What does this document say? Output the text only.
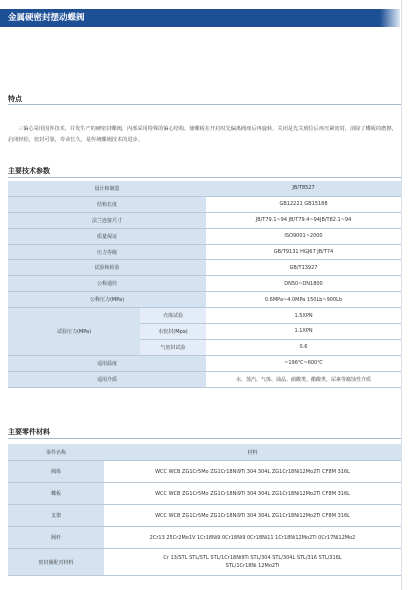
金属硬密封摆动蝶阀
特点
三偏心采用国外技术，并发生产的硬密封蝶阀，内部采用特殊的偏心结构。使蝶板在开启时先偏离阀座后再旋转，关闭是先关到位后再压紧密封，消除了蝶板的磨擦，启闭轻松，密封可靠，寿命长久，是传统蝶阀技术的进步。
主要技术参数
设计和制造		JB/T8527
结构长度		GB12221 GB15188
法兰连接尺寸		JB/T79.1~94 JB/T79.4~94JB/T82.1~94
质量保证		ISO9001~2000
压力等级		GB/T9131 HGJ67 JB/T74
试验和检验		GB/T13927
公称通径		DN50~DN1800
公称压力(MPa)		0.6MPa~4.0MPa 150Lb~900Lb
试验压力(MPa)	壳体试验	1.5XPN
	水密封(Mpa)	1.1XPN
	气密封试验	0.6
适用温度		~196℃~600℃
适用介质		水、蒸汽、气体、油品、硝酸类、醋酸类、尿素等腐蚀性介质
主要零件材料
零件名称	材料
阀体	WCC WCB ZG1Cr5Mo ZG1Cr18Ni9Ti 304 304L ZG1Cr18Ni12Mo2Ti CF8M 316L
蝶板	WCC WCB ZG1Cr5Mo ZG1Cr18Ni9Ti 304 304L ZG1Cr18Ni12Mo2Ti CF8M 316L
支架	WCC WCB ZG1Cr5Mo ZG1Cr18Ni9Ti 304 304L ZG1Cr18Ni12Mo2Ti CF8M 316L
阀杆	2Cr13 25Cr2Mo1V 1Cr18Ni9 0Cr18Ni9 0Cr18Ni11 1Cr18Ni12Mo2Ti 0Cr17Ni12Mo2
密封圈配对材料	Cr 13/STL STL/STL STL/1Cr18Ni9Ti STL/304 STL/304L STL/316 STL/316L
STL/1Cr18Ni 12Mo2Ti
